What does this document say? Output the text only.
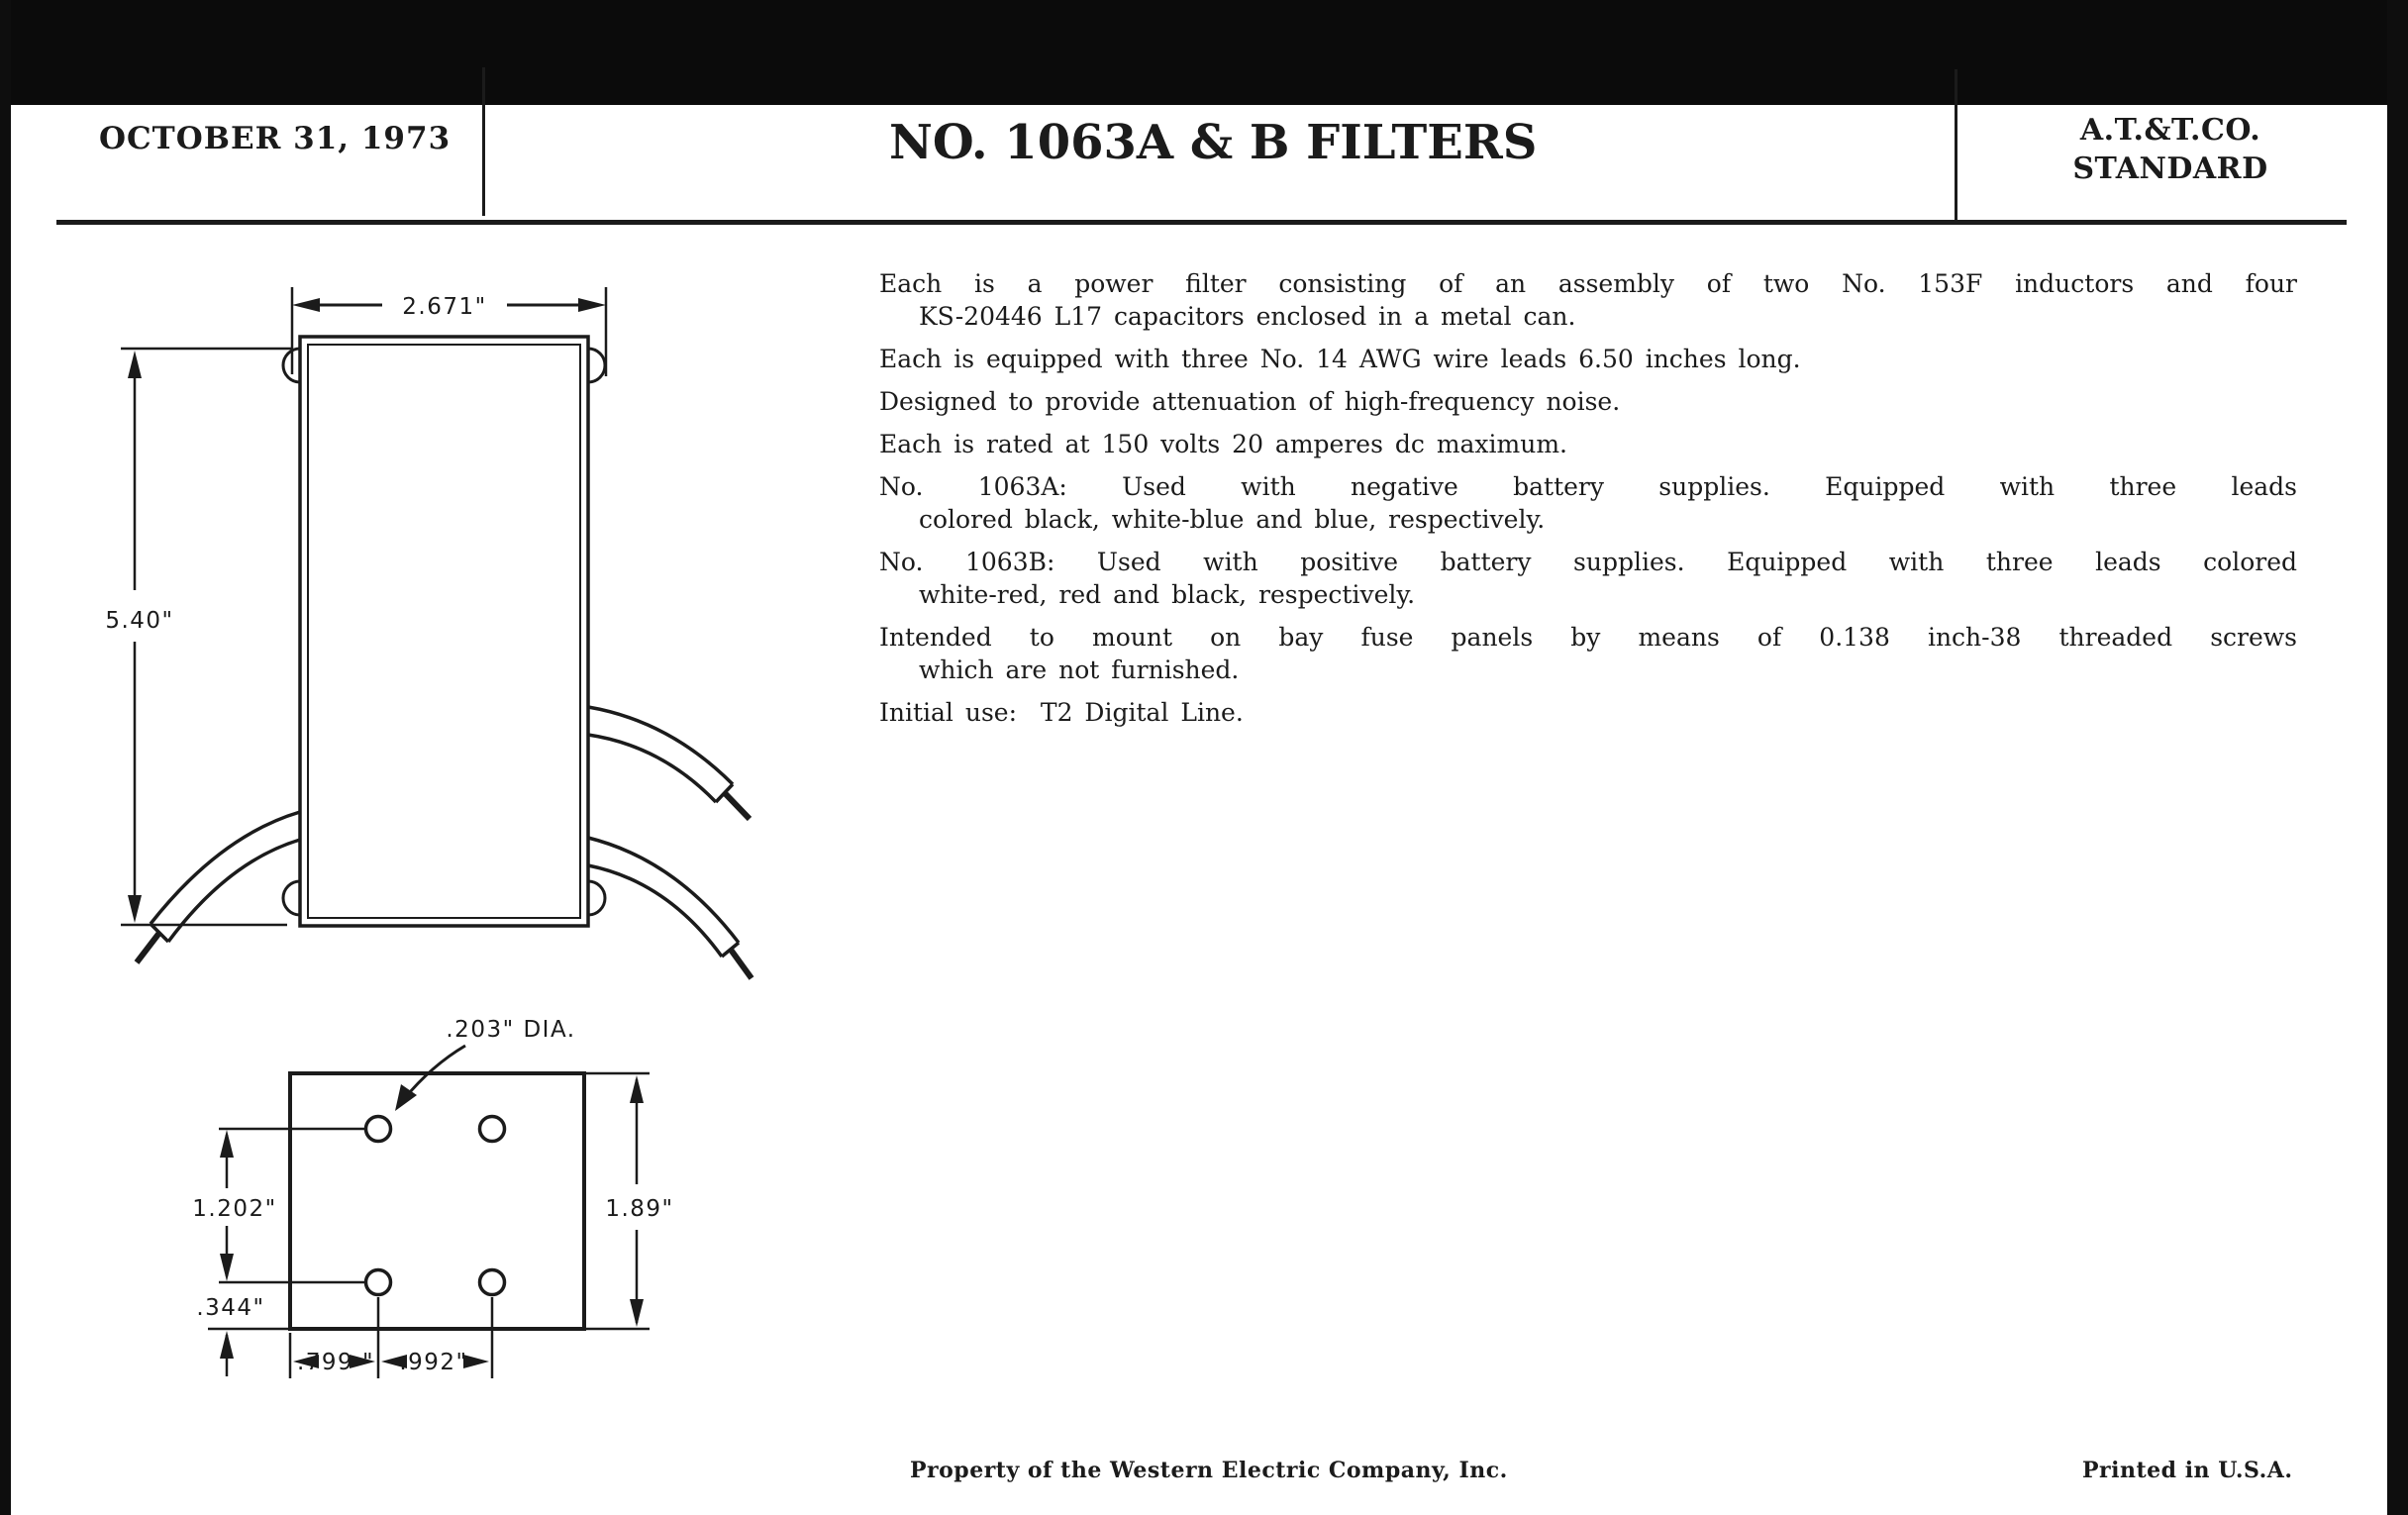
OCTOBER 31, 1973	NO. 1063A & B FILTERS	A.T.&T.CO.
STANDARD
Each is a power filter consisting of an assembly of two No. 153F inductors and four
KS-20446 L17 capacitors enclosed in a metal can.
Each is equipped with three No. 14 AWG wire leads 6.50 inches long.
Designed to provide attenuation of high-frequency noise.
Each is rated at 150 volts 20 amperes dc maximum.
No. 1063A: Used with negative battery supplies. Equipped with three leads
colored black, white-blue and blue, respectively.
No. 1063B: Used with positive battery supplies. Equipped with three leads colored
white-red, red and black, respectively.
Intended to mount on bay fuse panels by means of 0.138 inch-38 threaded screws
which are not furnished.
Initial use:  T2 Digital Line.
Property of the Western Electric Company, Inc.	Printed in U.S.A.
2.671"
5.40"
.203" DIA.
1.202"
.344"
1.89"
.799 " .992"
